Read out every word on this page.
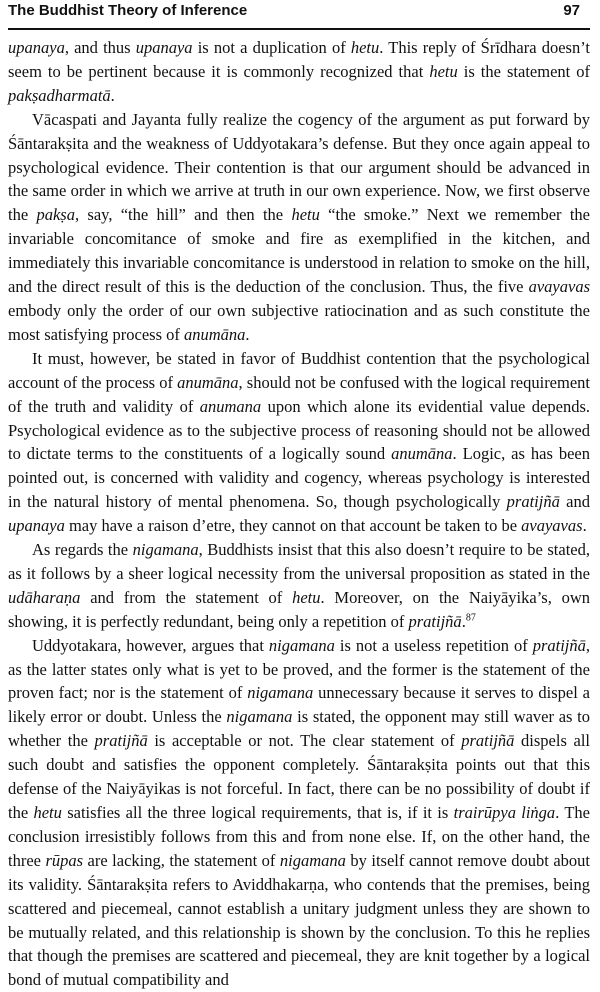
The Buddhist Theory of Inference	97

upanaya, and thus upanaya is not a duplication of hetu. This reply of Śrīdhara doesn’t seem to be pertinent because it is commonly recognized that hetu is the statement of pakṣadharmatā.

Vācaspati and Jayanta fully realize the cogency of the argument as put forward by Śāntarakṣita and the weakness of Uddyotakara’s defense. But they once again appeal to psychological evidence. Their contention is that our argument should be advanced in the same order in which we arrive at truth in our own experience. Now, we first observe the pakṣa, say, “the hill” and then the hetu “the smoke.” Next we remember the invariable concomitance of smoke and fire as exemplified in the kitchen, and immediately this invariable concomitance is understood in relation to smoke on the hill, and the direct result of this is the deduction of the conclusion. Thus, the five avayavas embody only the order of our own subjective ratiocination and as such constitute the most satisfying process of anumāna.

It must, however, be stated in favor of Buddhist contention that the psychological account of the process of anumāna, should not be confused with the logical requirement of the truth and validity of anumana upon which alone its evidential value depends. Psychological evidence as to the subjective process of reasoning should not be allowed to dictate terms to the constituents of a logically sound anumāna. Logic, as has been pointed out, is concerned with validity and cogency, whereas psychology is interested in the natural history of mental phenomena. So, though psychologically pratijñā and upanaya may have a raison d’etre, they cannot on that account be taken to be avayavas.

As regards the nigamana, Buddhists insist that this also doesn’t require to be stated, as it follows by a sheer logical necessity from the universal proposition as stated in the udāharaṇa and from the statement of hetu. Moreover, on the Naiyāyika’s, own showing, it is perfectly redundant, being only a repetition of pratijñā.$^{87}$

Uddyotakara, however, argues that nigamana is not a useless repetition of pratijñā, as the latter states only what is yet to be proved, and the former is the statement of the proven fact; nor is the statement of nigamana unnecessary because it serves to dispel a likely error or doubt. Unless the nigamana is stated, the opponent may still waver as to whether the pratijñā is acceptable or not. The clear statement of pratijñā dispels all such doubt and satisfies the opponent completely. Śāntarakṣita points out that this defense of the Naiyāyikas is not forceful. In fact, there can be no possibility of doubt if the hetu satisfies all the three logical requirements, that is, if it is trairūpya liṅga. The conclusion irresistibly follows from this and from none else. If, on the other hand, the three rūpas are lacking, the statement of nigamana by itself cannot remove doubt about its validity. Śāntarakṣita refers to Aviddhakarṇa, who contends that the premises, being scattered and piecemeal, cannot establish a unitary judgment unless they are shown to be mutually related, and this relationship is shown by the conclusion. To this he replies that though the premises are scattered and piecemeal, they are knit together by a logical bond of mutual compatibility and
